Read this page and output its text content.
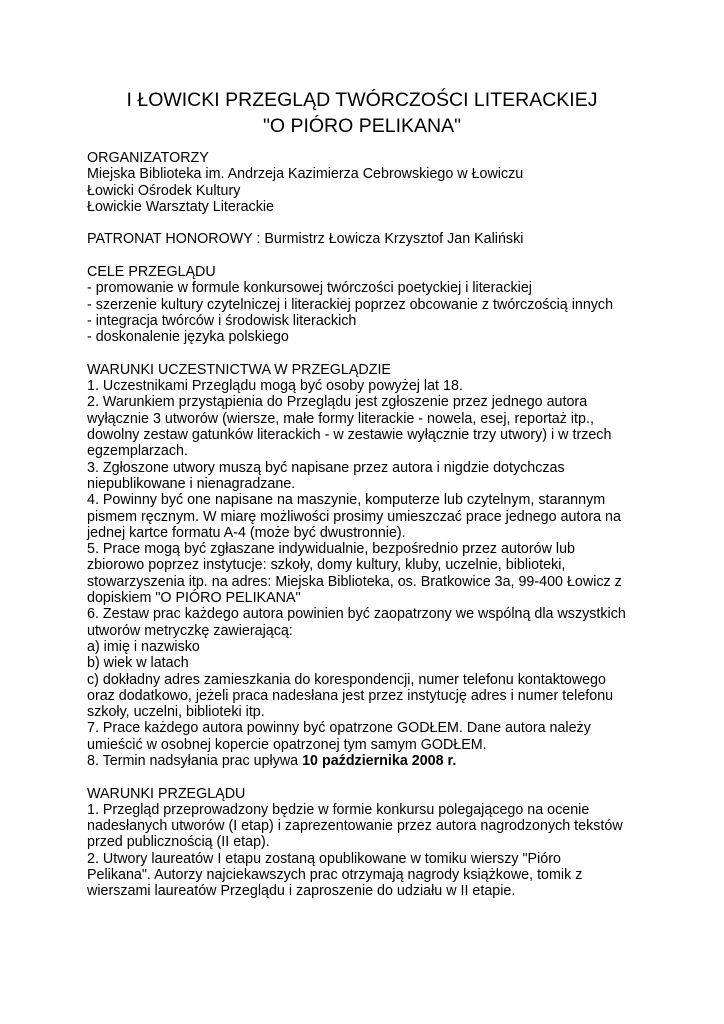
I ŁOWICKI PRZEGLĄD TWÓRCZOŚCI LITERACKIEJ
"O PIÓRO PELIKANA"
ORGANIZATORZY
Miejska Biblioteka im. Andrzeja Kazimierza Cebrowskiego w Łowiczu
Łowicki Ośrodek Kultury
Łowickie Warsztaty Literackie
PATRONAT HONOROWY : Burmistrz Łowicza Krzysztof Jan Kaliński
CELE PRZEGLĄDU
- promowanie w formule konkursowej twórczości poetyckiej i literackiej
- szerzenie kultury czytelniczej i literackiej poprzez obcowanie z twórczością innych
- integracja twórców i środowisk literackich
- doskonalenie języka polskiego
WARUNKI UCZESTNICTWA W PRZEGLĄDZIE
1. Uczestnikami Przeglądu mogą być osoby powyżej lat 18.
2. Warunkiem przystąpienia do Przeglądu jest zgłoszenie przez jednego autora
wyłącznie 3 utworów (wiersze, małe formy literackie - nowela, esej, reportaż itp.,
dowolny zestaw gatunków literackich - w zestawie wyłącznie trzy utwory) i w trzech
egzemplarzach.
3. Zgłoszone utwory muszą być napisane przez autora i nigdzie dotychczas
niepublikowane i nienagradzane.
4. Powinny być one napisane na maszynie, komputerze lub czytelnym, starannym
pismem ręcznym. W miarę możliwości prosimy umieszczać prace jednego autora na
jednej kartce formatu A-4 (może być dwustronnie).
5. Prace mogą być zgłaszane indywidualnie, bezpośrednio przez autorów lub
zbiorowo poprzez instytucje: szkoły, domy kultury, kluby, uczelnie, biblioteki,
stowarzyszenia itp. na adres: Miejska Biblioteka, os. Bratkowice 3a, 99-400 Łowicz z
dopiskiem "O PIÓRO PELIKANA"
6. Zestaw prac każdego autora powinien być zaopatrzony we wspólną dla wszystkich
utworów metryczkę zawierającą:
a) imię i nazwisko
b) wiek w latach
c) dokładny adres zamieszkania do korespondencji, numer telefonu kontaktowego
oraz dodatkowo, jeżeli praca nadesłana jest przez instytucję adres i numer telefonu
szkoły, uczelni, biblioteki itp.
7. Prace każdego autora powinny być opatrzone GODŁEM. Dane autora należy
umieścić w osobnej kopercie opatrzonej tym samym GODŁEM.
8. Termin nadsyłania prac upływa 10 października 2008 r.
WARUNKI PRZEGLĄDU
1. Przegląd przeprowadzony będzie w formie konkursu polegającego na ocenie
nadesłanych utworów (I etap) i zaprezentowanie przez autora nagrodzonych tekstów
przed publicznością (II etap).
2. Utwory laureatów I etapu zostaną opublikowane w tomiku wierszy "Pióro
Pelikana". Autorzy najciekawszych prac otrzymają nagrody książkowe, tomik z
wierszami laureatów Przeglądu i zaproszenie do udziału w II etapie.
